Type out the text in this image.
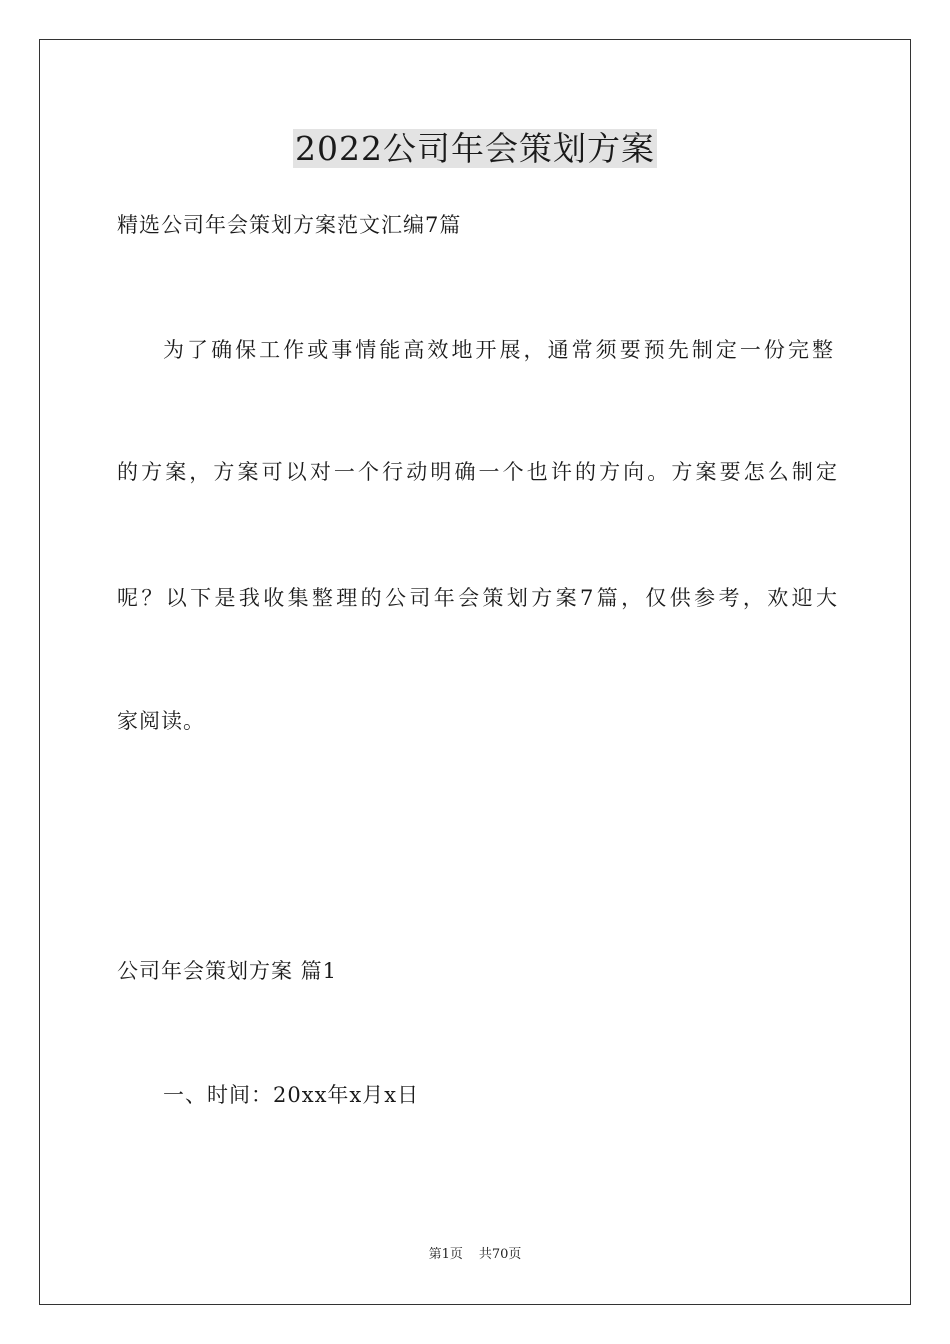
2022公司年会策划方案
精选公司年会策划方案范文汇编7篇
为了确保工作或事情能高效地开展，通常须要预先制定一份完整
的方案，方案可以对一个行动明确一个也许的方向。方案要怎么制定
呢？以下是我收集整理的公司年会策划方案7篇，仅供参考，欢迎大
家阅读。
公司年会策划方案 篇1
一、时间：20xx年x月x日
第1页 共70页
